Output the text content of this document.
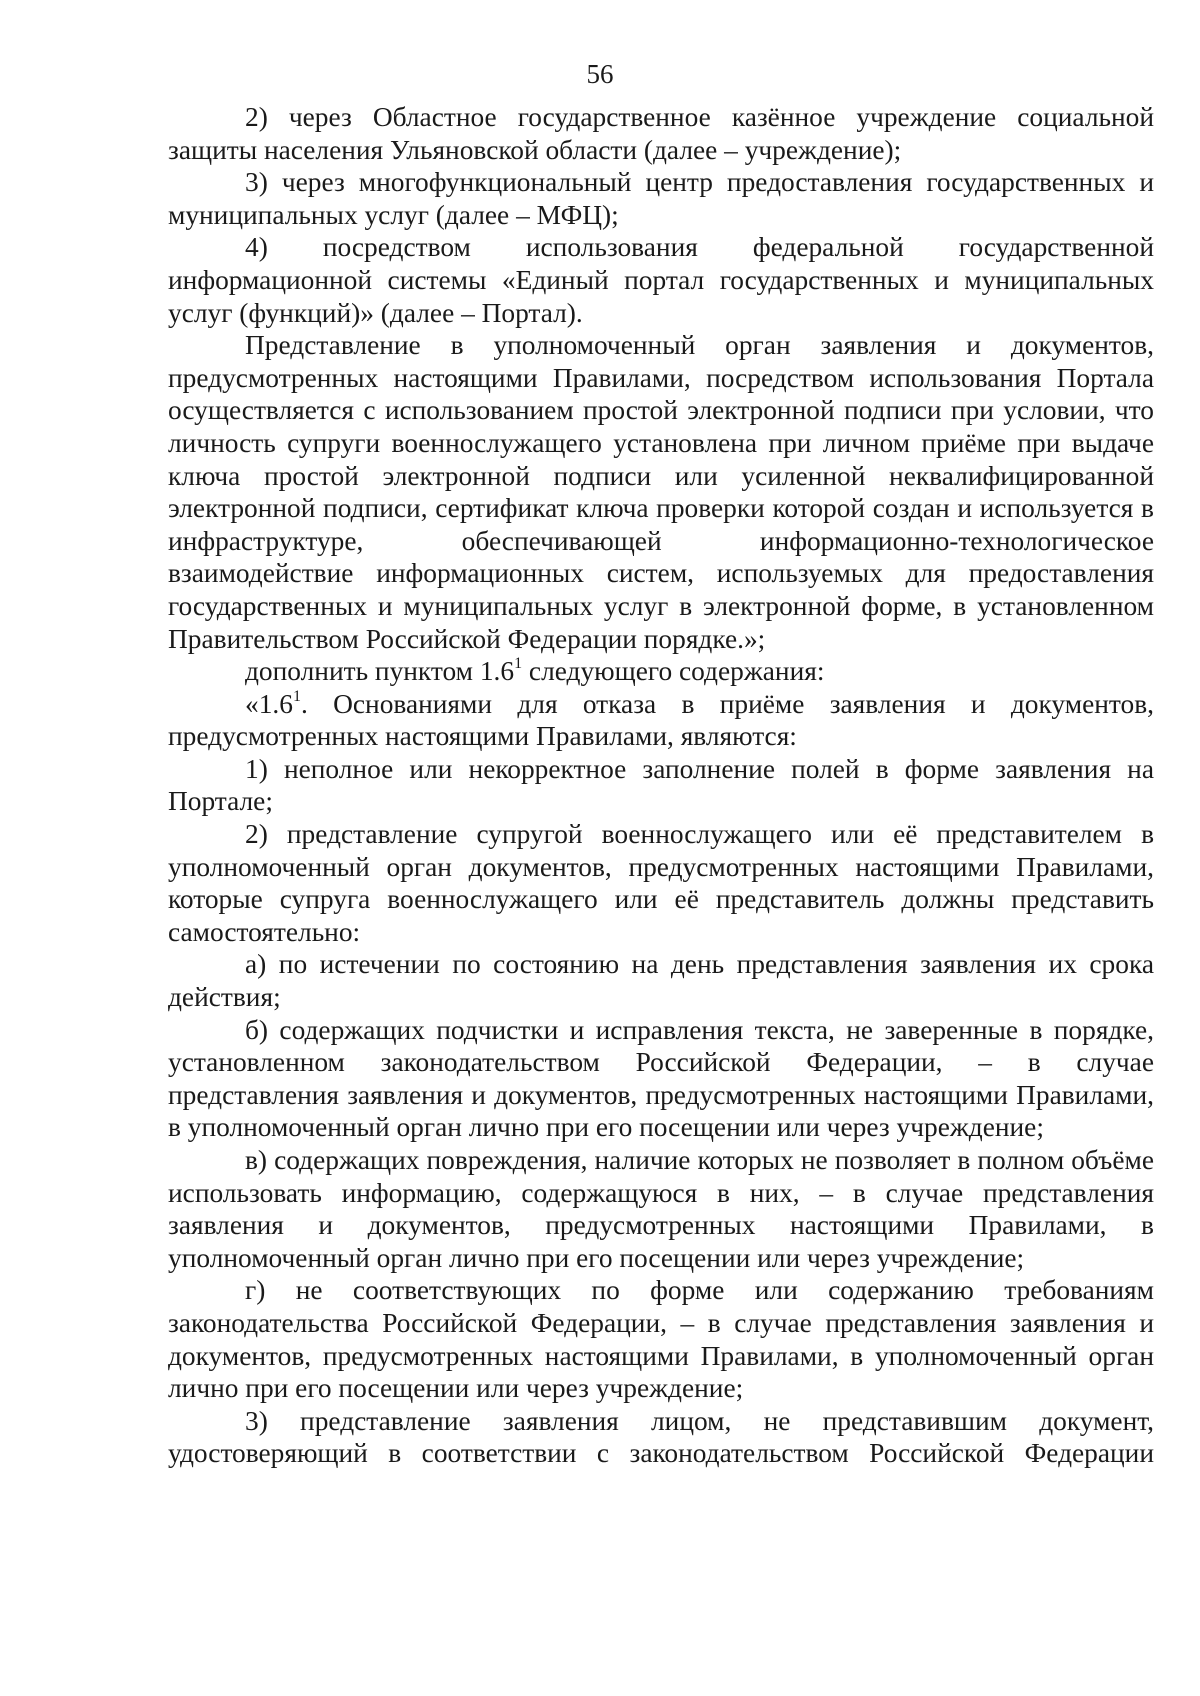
56

2) через Областное государственное казённое учреждение социальной защиты населения Ульяновской области (далее – учреждение);

3) через многофункциональный центр предоставления государственных и муниципальных услуг (далее – МФЦ);

4) посредством использования федеральной государственной информационной системы «Единый портал государственных и муниципальных услуг (функций)» (далее – Портал).

Представление в уполномоченный орган заявления и документов, предусмотренных настоящими Правилами, посредством использования Портала осуществляется с использованием простой электронной подписи при условии, что личность супруги военнослужащего установлена при личном приёме при выдаче ключа простой электронной подписи или усиленной неквалифицированной электронной подписи, сертификат ключа проверки которой создан и используется в инфраструктуре, обеспечивающей информационно-технологическое взаимодействие информационных систем, используемых для предоставления государственных и муниципальных услуг в электронной форме, в установленном Правительством Российской Федерации порядке.»;

дополнить пунктом $1.6^1$ следующего содержания:

«$1.6^1$. Основаниями для отказа в приёме заявления и документов, предусмотренных настоящими Правилами, являются:

1) неполное или некорректное заполнение полей в форме заявления на Портале;

2) представление супругой военнослужащего или её представителем в уполномоченный орган документов, предусмотренных настоящими Правилами, которые супруга военнослужащего или её представитель должны представить самостоятельно:

а) по истечении по состоянию на день представления заявления их срока действия;

б) содержащих подчистки и исправления текста, не заверенные в порядке, установленном законодательством Российской Федерации, – в случае представления заявления и документов, предусмотренных настоящими Правилами, в уполномоченный орган лично при его посещении или через учреждение;

в) содержащих повреждения, наличие которых не позволяет в полном объёме использовать информацию, содержащуюся в них, – в случае представления заявления и документов, предусмотренных настоящими Правилами, в уполномоченный орган лично при его посещении или через учреждение;

г) не соответствующих по форме или содержанию требованиям законодательства Российской Федерации, – в случае представления заявления и документов, предусмотренных настоящими Правилами, в уполномоченный орган лично при его посещении или через учреждение;

3) представление заявления лицом, не представившим документ, удостоверяющий в соответствии с законодательством Российской Федерации
